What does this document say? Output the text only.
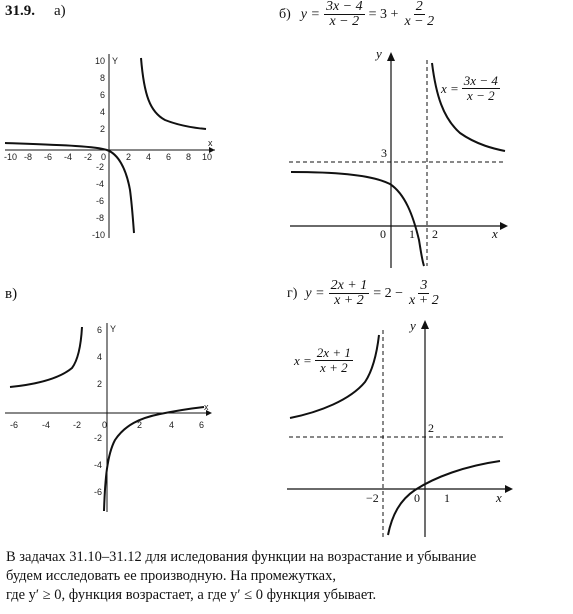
31.9. а)	б) $y = \frac{3x - 4}{x - 2} = 3 + \frac{2}{x - 2}$
x
Y
-10 -8 -6 -4 -2 0 2 4 6 8 10
10
8
6
4
2
-2
-4
-6
-8
-10
y
x
3
0 1 2
$x = \frac{3x - 4}{x - 2}$
в)	г) $y = \frac{2x + 1}{x + 2} = 2 - \frac{3}{x + 2}$
x
Y
-6	-4	-2 0	2	4	6
6
4
2
-2
-4
-6
y
x
2
−2	0 1
$x = \frac{2x + 1}{x + 2}$
В задачах 31.10–31.12 для иследования функции на возрастание и убывание
будем исследовать ее производную. На промежутках,
где y′ ≥ 0, функция возрастает, а где y′ ≤ 0 функция убывает.
